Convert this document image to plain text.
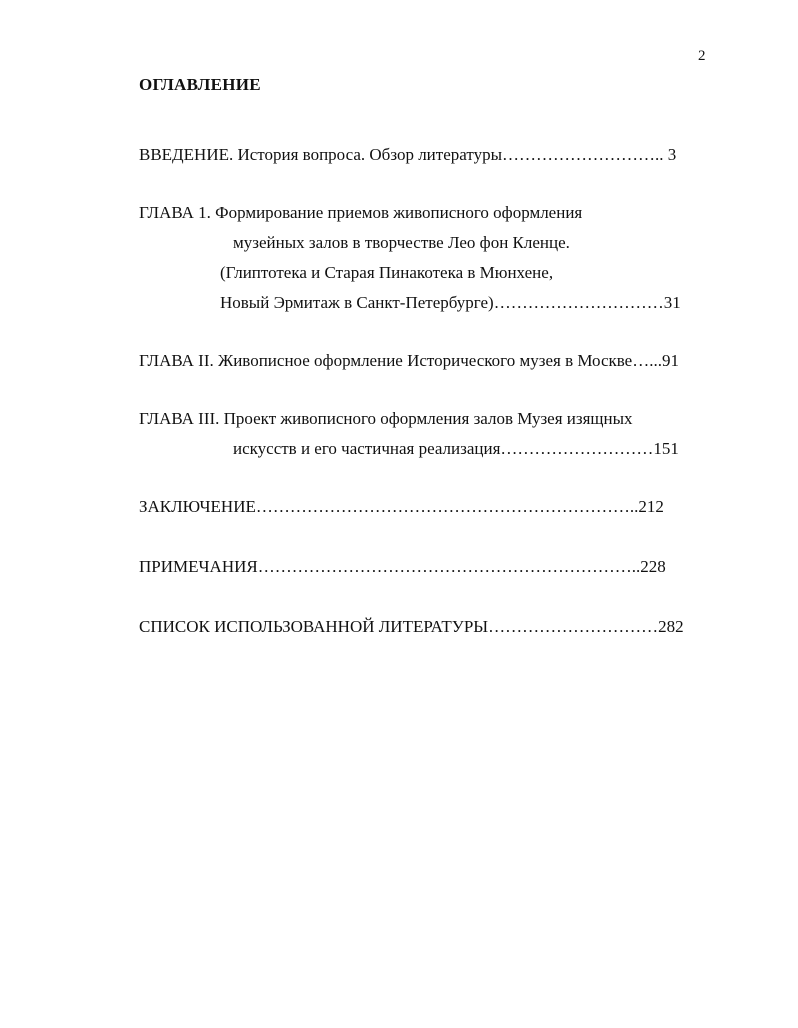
2
ОГЛАВЛЕНИЕ
ВВЕДЕНИЕ. История вопроса. Обзор литературы……………………….. 3
ГЛАВА 1. Формирование приемов живописного оформления
музейных залов в творчестве Лео фон Кленце.
(Глиптотека и Старая Пинакотека в Мюнхене,
Новый Эрмитаж в Санкт-Петербурге)…………………………31
ГЛАВА II. Живописное оформление Исторического музея в Москве…...91
ГЛАВА III. Проект живописного оформления залов Музея изящных
искусств и его частичная реализация………………………151
ЗАКЛЮЧЕНИЕ…………………………………………………………..212
ПРИМЕЧАНИЯ…………………………………………………………..228
СПИСОК ИСПОЛЬЗОВАННОЙ ЛИТЕРАТУРЫ…………………………282
